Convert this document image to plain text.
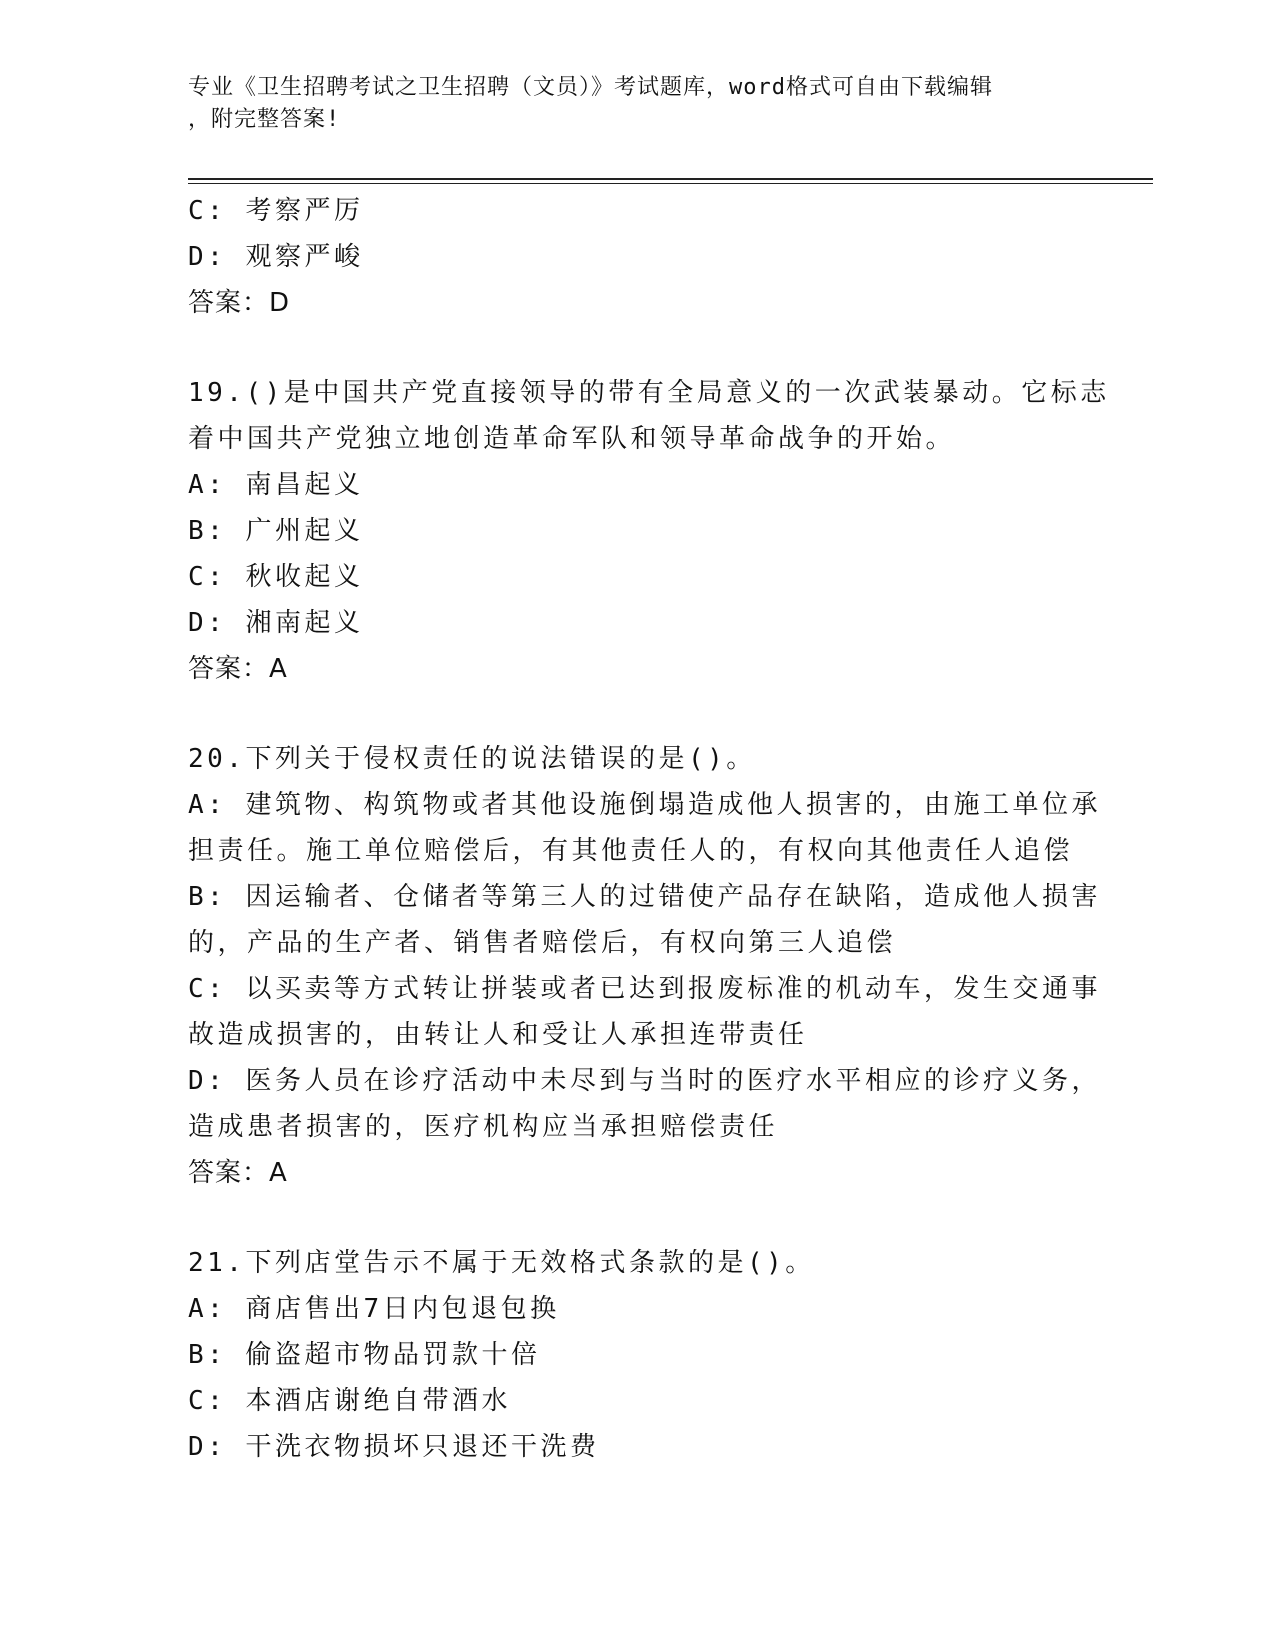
专业《卫生招聘考试之卫生招聘（文员）》考试题库，word格式可自由下载编辑
，附完整答案!
C: 考察严厉
D: 观察严峻
答案：D
19.()是中国共产党直接领导的带有全局意义的一次武装暴动。它标志
着中国共产党独立地创造革命军队和领导革命战争的开始。
A: 南昌起义
B: 广州起义
C: 秋收起义
D: 湘南起义
答案：A
20.下列关于侵权责任的说法错误的是()。
A: 建筑物、构筑物或者其他设施倒塌造成他人损害的，由施工单位承
担责任。施工单位赔偿后，有其他责任人的，有权向其他责任人追偿
B: 因运输者、仓储者等第三人的过错使产品存在缺陷，造成他人损害
的，产品的生产者、销售者赔偿后，有权向第三人追偿
C: 以买卖等方式转让拼装或者已达到报废标准的机动车，发生交通事
故造成损害的，由转让人和受让人承担连带责任
D: 医务人员在诊疗活动中未尽到与当时的医疗水平相应的诊疗义务，
造成患者损害的，医疗机构应当承担赔偿责任
答案：A
21.下列店堂告示不属于无效格式条款的是()。
A: 商店售出7日内包退包换
B: 偷盗超市物品罚款十倍
C: 本酒店谢绝自带酒水
D: 干洗衣物损坏只退还干洗费
